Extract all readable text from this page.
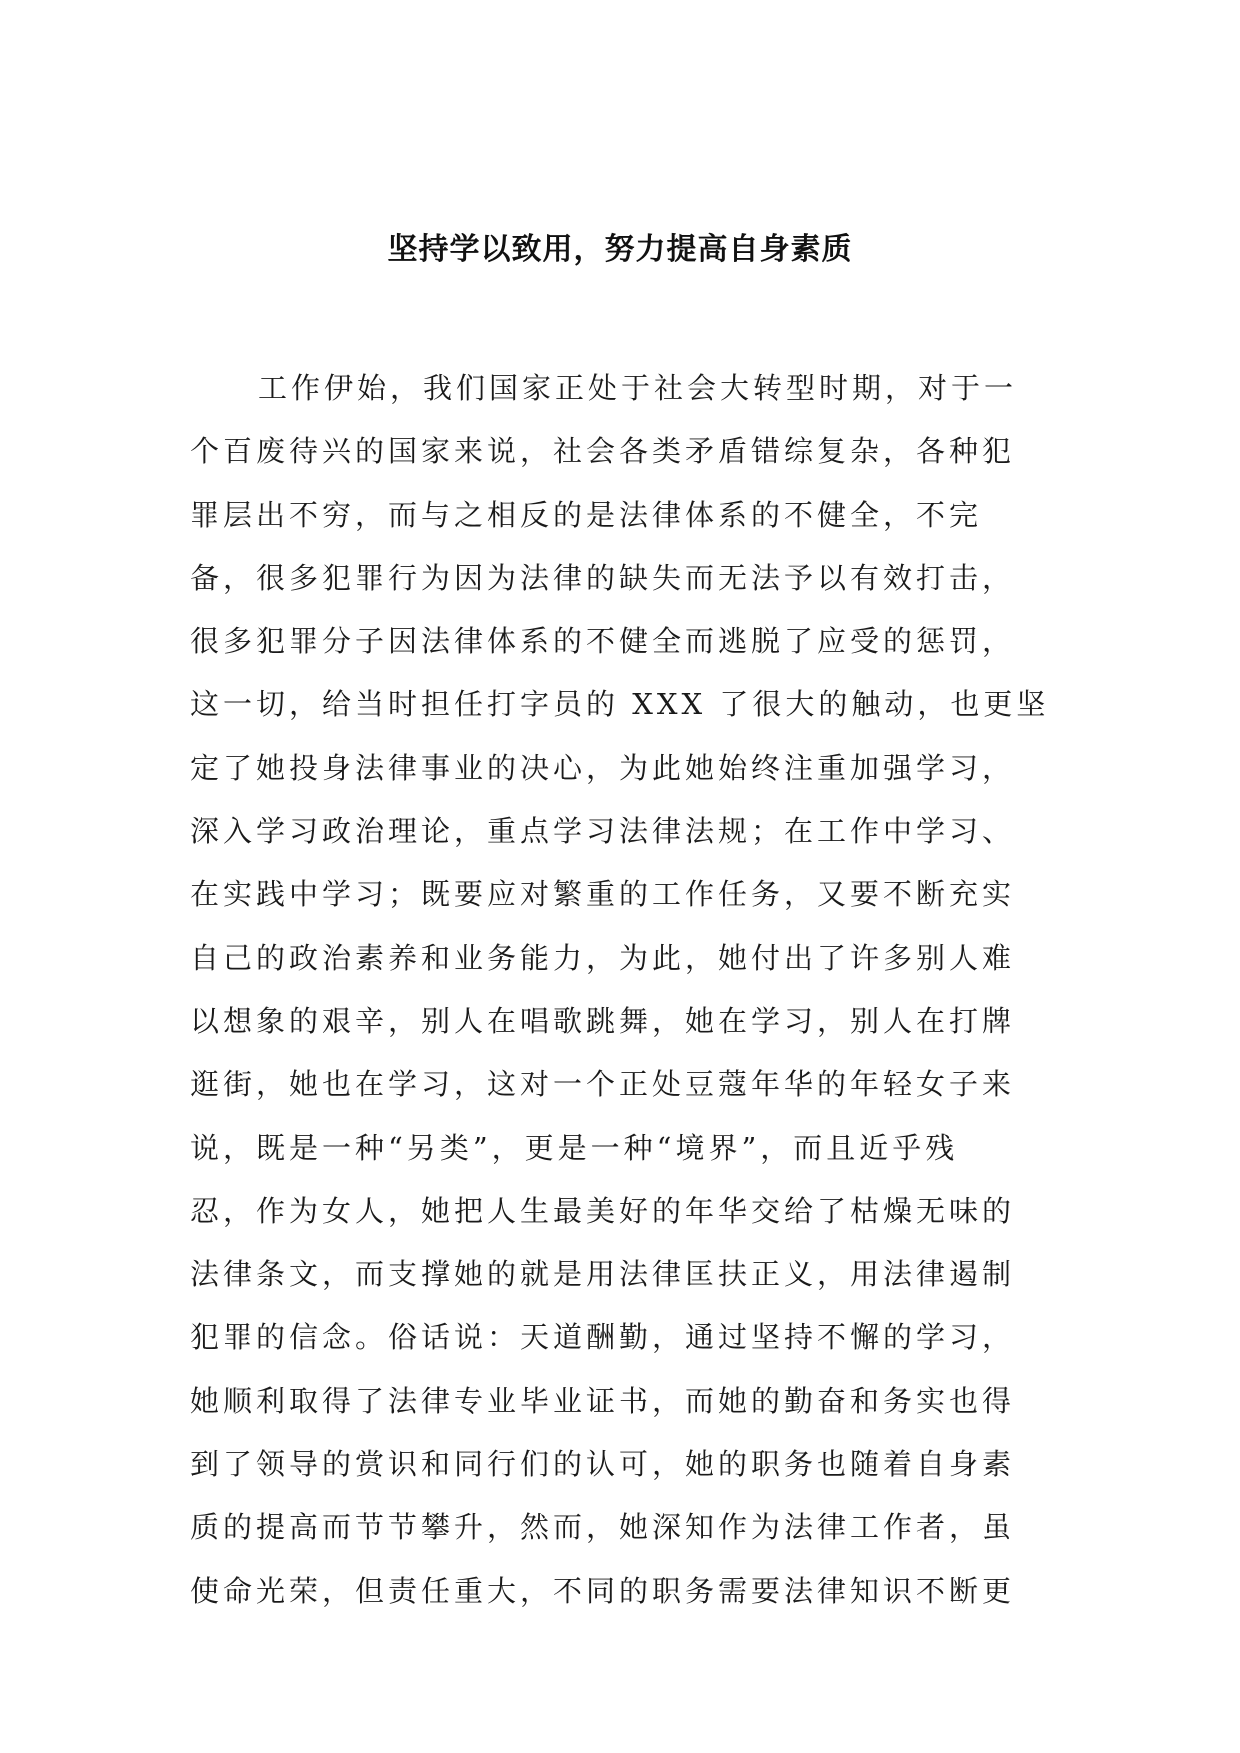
坚持学以致用，努力提高自身素质
工作伊始，我们国家正处于社会大转型时期，对于一
个百废待兴的国家来说，社会各类矛盾错综复杂，各种犯
罪层出不穷，而与之相反的是法律体系的不健全，不完
备，很多犯罪行为因为法律的缺失而无法予以有效打击，
很多犯罪分子因法律体系的不健全而逃脱了应受的惩罚，
这一切，给当时担任打字员的 XXX 了很大的触动，也更坚
定了她投身法律事业的决心，为此她始终注重加强学习，
深入学习政治理论，重点学习法律法规；在工作中学习、
在实践中学习；既要应对繁重的工作任务，又要不断充实
自己的政治素养和业务能力，为此，她付出了许多别人难
以想象的艰辛，别人在唱歌跳舞，她在学习，别人在打牌
逛街，她也在学习，这对一个正处豆蔻年华的年轻女子来
说，既是一种“另类”，更是一种“境界”，而且近乎残
忍，作为女人，她把人生最美好的年华交给了枯燥无味的
法律条文，而支撑她的就是用法律匡扶正义，用法律遏制
犯罪的信念。俗话说：天道酬勤，通过坚持不懈的学习，
她顺利取得了法律专业毕业证书，而她的勤奋和务实也得
到了领导的赏识和同行们的认可，她的职务也随着自身素
质的提高而节节攀升，然而，她深知作为法律工作者，虽
使命光荣，但责任重大，不同的职务需要法律知识不断更
